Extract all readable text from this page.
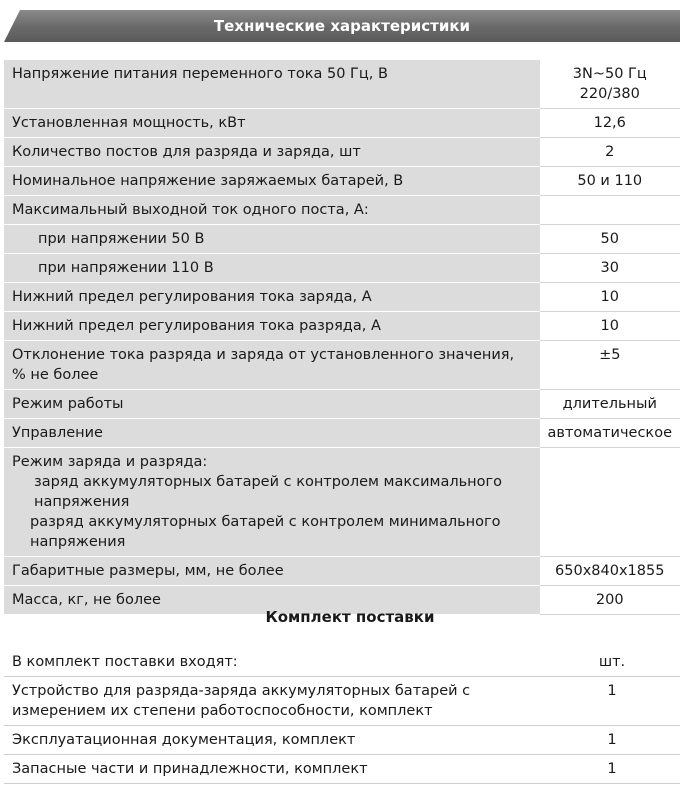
Технические характеристики
Напряжение питания переменного тока 50 Гц, В	3N~50 Гц 220/380
Установленная мощность, кВт	12,6
Количество постов для разряда и заряда, шт	2
Номинальное напряжение заряжаемых батарей, В	50 и 110
Максимальный выходной ток одного поста, А:	
при напряжении 50 В	50
при напряжении 110 В	30
Нижний предел регулирования тока заряда, А	10
Нижний предел регулирования тока разряда, А	10
Отклонение тока разряда и заряда от установленного значения, % не более	±5
Режим работы	длительный
Управление	автоматическое

Режим заряда и разряда:
заряд аккумуляторных батарей с контролем максимального напряжения
разряд аккумуляторных батарей с контролем минимального напряжения	

Габаритные размеры, мм, не более	650x840x1855
Масса, кг, не более	200
Комплект поставки
В комплект поставки входят:	шт.
Устройство для разряда-заряда аккумуляторных батарей с измерением их степени работоспособности, комплект	1
Эксплуатационная документация, комплект	1
Запасные части и принадлежности, комплект	1
